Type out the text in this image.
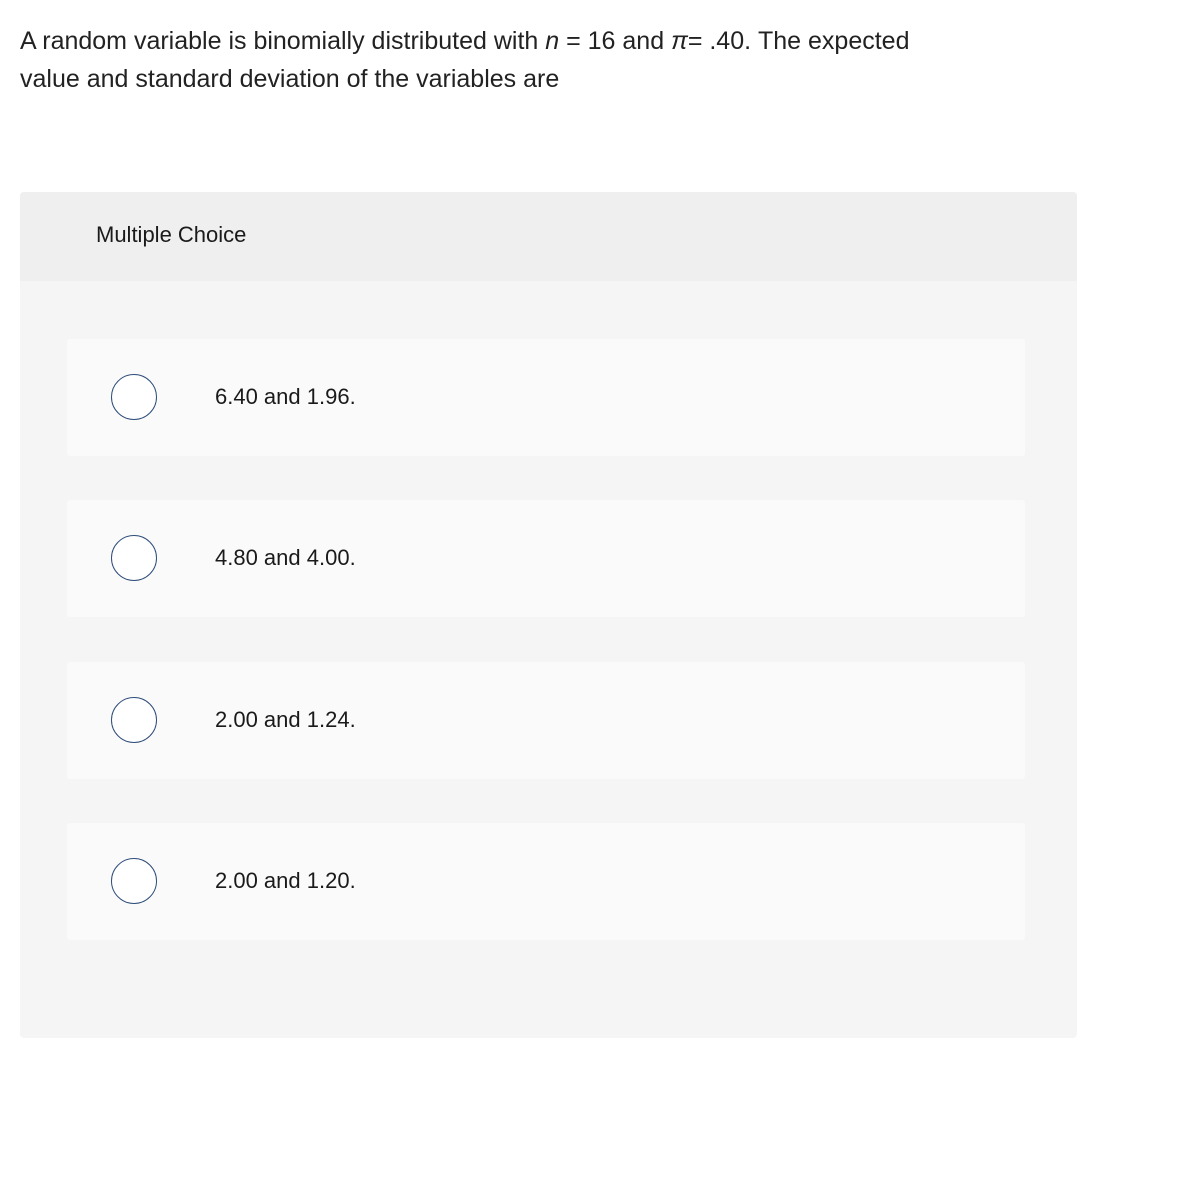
A random variable is binomially distributed with n = 16 and π= .40. The expected
value and standard deviation of the variables are
Multiple Choice
6.40 and 1.96.
4.80 and 4.00.
2.00 and 1.24.
2.00 and 1.20.
